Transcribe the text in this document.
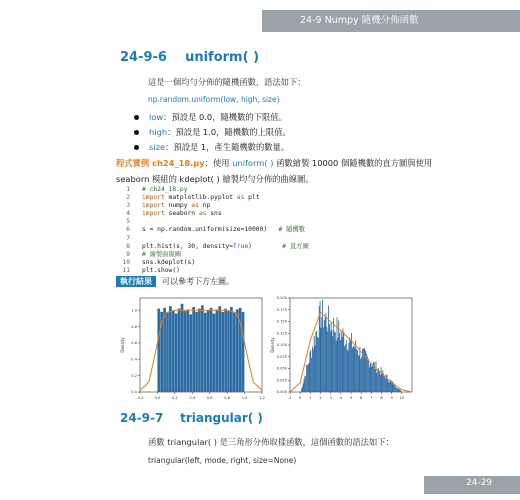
24-9 Numpy 隨機分佈函數
24-9-6 uniform( )
這是一個均勻分佈的隨機函數，語法如下：
np.random.uniform(low, high, size)
low：預設是 0.0，隨機數的下限值。
high：預設是 1.0，隨機數的上限值。
size：預設是 1，產生隨機數的數量。
程式實例 ch24_18.py：使用 uniform( ) 函數繪製 10000 個隨機數的直方圖與使用
seaborn 模組的 kdeplot( ) 繪製均勻分佈的曲線圖。
1 # ch24_18.py
2 import matplotlib.pyplot as plt
3 import numpy as np
4 import seaborn as sns
5
6 s = np.random.uniform(size=10000)   # 隨機數
7
8 plt.hist(s, 30, density=True)        # 直方圖
9 # 繪製曲線圖
10 sns.kdeplot(s)
11 plt.show()
執行結果 可以參考下方左圖。
-0.2	0.0	0.2	0.4	0.6	0.8	1.0	1.2
0.0
0.2
0.4
0.6
0.8
1.0
Density
-1 0 1 2 3 4 5 6 7 8 9 10
0.000
0.025
0.050
0.075
0.100
0.125
0.150
0.175
0.200
Density
24-9-7 triangular( )
函數 triangular( ) 是三角形分佈取樣函數，這個函數的語法如下：
triangular(left, mode, right, size=None)
24-29
